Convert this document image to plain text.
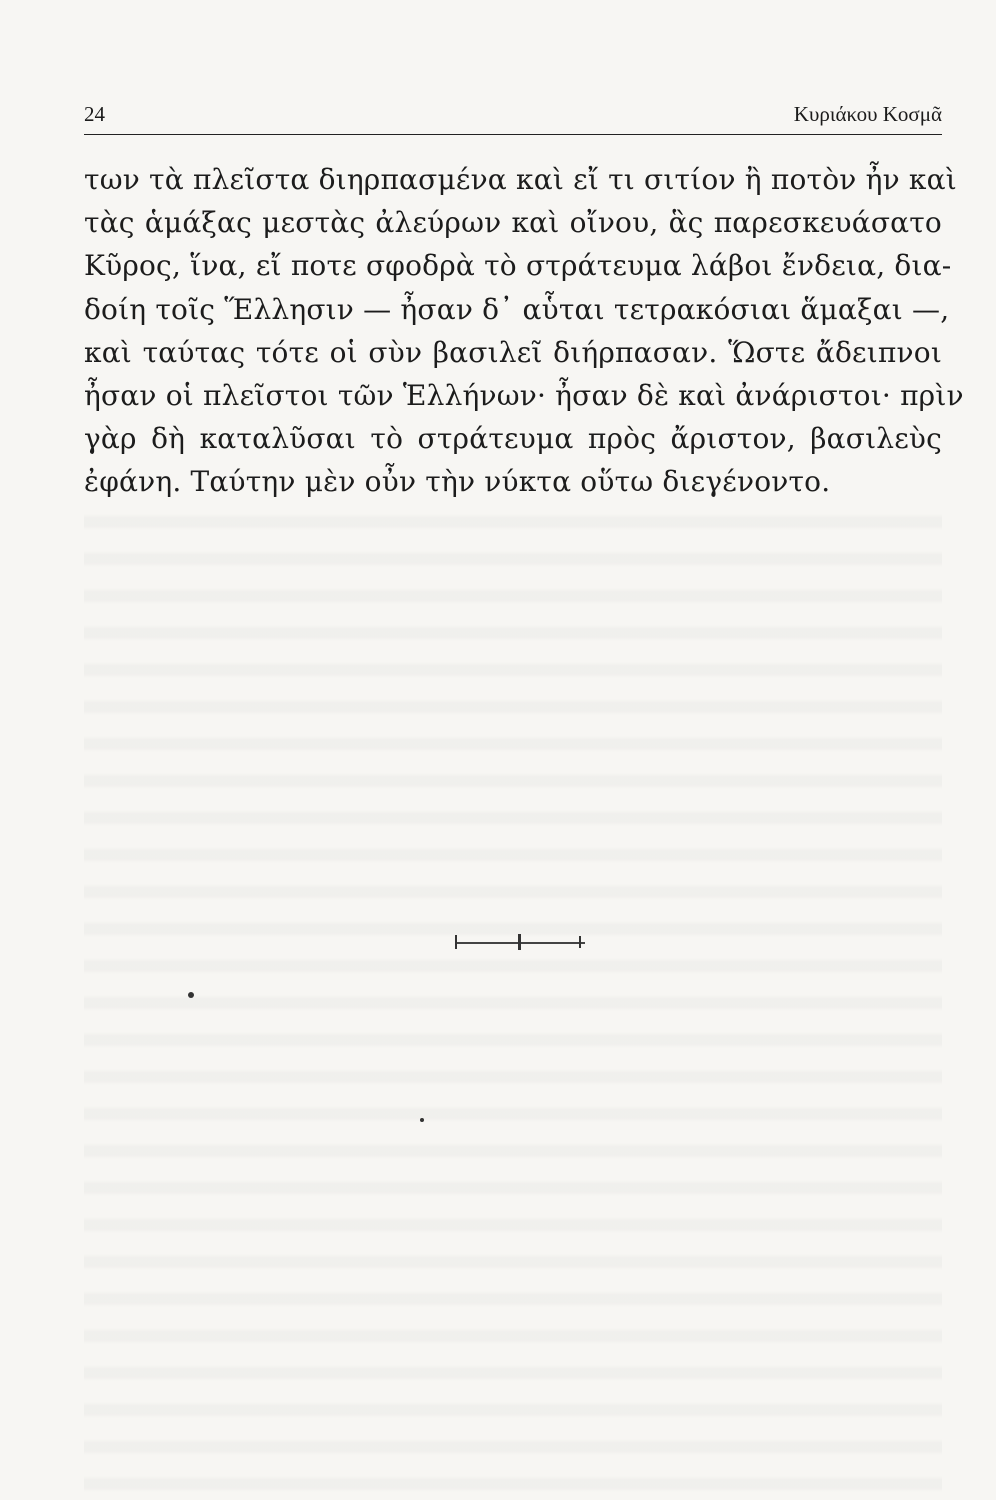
24	Κυριάκου Κοσμᾶ
των τὰ πλεῖστα διηρπασμένα καὶ εἴ τι σιτίον ἢ ποτὸν ἦν καὶ
τὰς ἁμάξας μεστὰς ἀλεύρων καὶ οἴνου, ἃς παρεσκευάσατο
Κῦρος, ἵνα, εἴ ποτε σφοδρὰ τὸ στράτευμα λάβοι ἔνδεια, δια-
δοίη τοῖς Ἕλλησιν — ἦσαν δ᾽ αὗται τετρακόσιαι ἅμαξαι —,
καὶ ταύτας τότε οἱ σὺν βασιλεῖ διήρπασαν. Ὥστε ἄδειπνοι
ἦσαν οἱ πλεῖστοι τῶν Ἑλλήνων· ἦσαν δὲ καὶ ἀνάριστοι· πρὶν
γὰρ δὴ καταλῦσαι τὸ στράτευμα πρὸς ἄριστον, βασιλεὺς
ἐφάνη. Ταύτην μὲν οὖν τὴν νύκτα οὕτω διεγένοντο.
